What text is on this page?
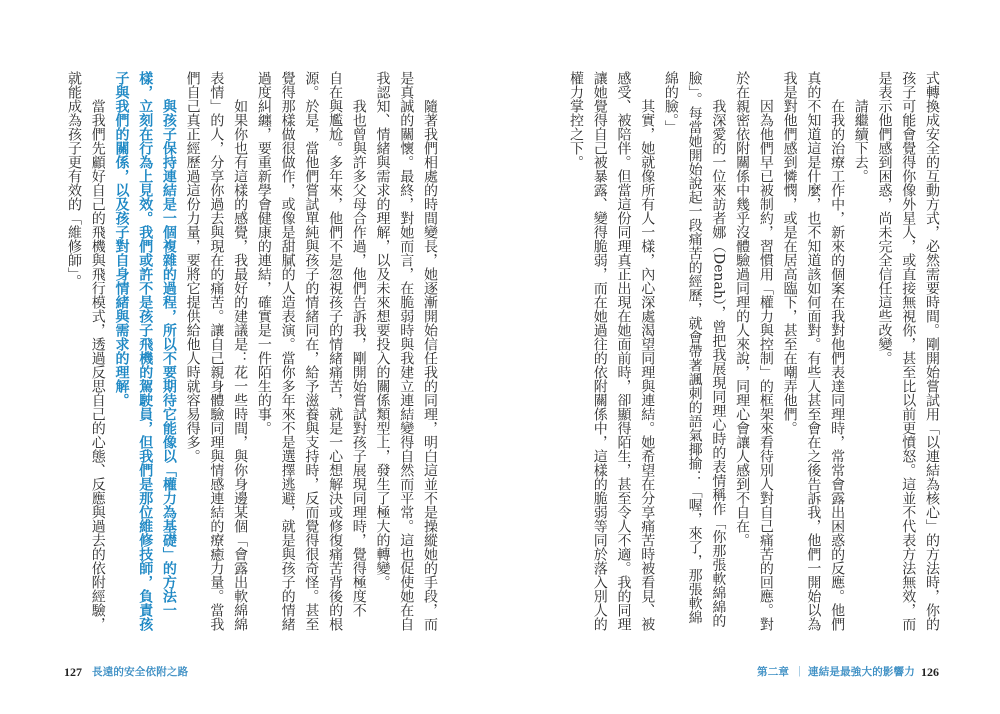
隨著我們相處的時間變長，她逐漸開始信任我的同理，明白這並不是操縱她的手段，而
是真誠的關懷。最終，對她而言，在脆弱時與我建立連結變得自然而平常。這也促使她在自
我認知、情緒與需求的理解，以及未來想要投入的關係類型上，發生了極大的轉變。
我也曾與許多父母合作過，他們告訴我，剛開始嘗試對孩子展現同理時，覺得極度不
自在與尷尬。多年來，他們不是忽視孩子的情緒痛苦，就是一心想解決或修復痛苦背後的根
源。於是，當他們嘗試單純與孩子的情緒同在，給予滋養與支持時，反而覺得很奇怪。甚至
覺得那樣做很做作，或像是甜膩的人造表演。當你多年來不是選擇逃避，就是與孩子的情緒
過度糾纏，要重新學會健康的連結，確實是一件陌生的事。
如果你也有這樣的感覺，我最好的建議是：花一些時間，與你身邊某個「會露出軟綿綿
表情」的人，分享你過去與現在的痛苦。讓自己親身體驗同理與情感連結的療癒力量。當我
們自己真正經歷過這份力量，要將它提供給他人時就容易得多。
與孩子保持連結是一個複雜的過程，所以不要期待它能像以「權力為基礎」的方法一
樣，立刻在行為上見效。我們或許不是孩子飛機的駕駛員，但我們是那位維修技師，負責孩
子與我們的關係，以及孩子對自身情緒與需求的理解。
當我們先顧好自己的飛機與飛行模式，透過反思自己的心態、反應與過去的依附經驗，
就能成為孩子更有效的「維修師」。
127 長遠的安全依附之路
式轉換成安全的互動方式，必然需要時間。剛開始嘗試用「以連結為核心」的方法時，你的
孩子可能會覺得你像外星人，或直接無視你，甚至比以前更憤怒。這並不代表方法無效，而
是表示他們感到困惑，尚未完全信任這些改變。
請繼續下去。
在我的治療工作中，新來的個案在我對他們表達同理時，常常會露出困惑的反應。他們
真的不知道這是什麼，也不知道該如何面對。有些人甚至會在之後告訴我，他們一開始以為
我是對他們感到憐憫，或是在居高臨下，甚至在嘲弄他們。
因為他們早已被制約，習慣用「權力與控制」的框架來看待別人對自己痛苦的回應。對
於在親密依附關係中幾乎沒體驗過同理的人來說，同理心會讓人感到不自在。
我深愛的一位來訪者娜（Denah），曾把我展現同理心時的表情稱作「你那張軟綿綿的
臉」。每當她開始說起一段痛苦的經歷，就會帶著諷刺的語氣揶揄：「喔，來了，那張軟綿
綿的臉。」
其實，她就像所有人一樣，內心深處渴望同理與連結。她希望在分享痛苦時被看見、被
感受、被陪伴。但當這份同理真正出現在她面前時，卻顯得陌生，甚至令人不適。我的同理
讓她覺得自己被暴露、變得脆弱，而在她過往的依附關係中，這樣的脆弱等同於落入別人的
權力掌控之下。
第二章 ｜ 連結是最強大的影響力 126
